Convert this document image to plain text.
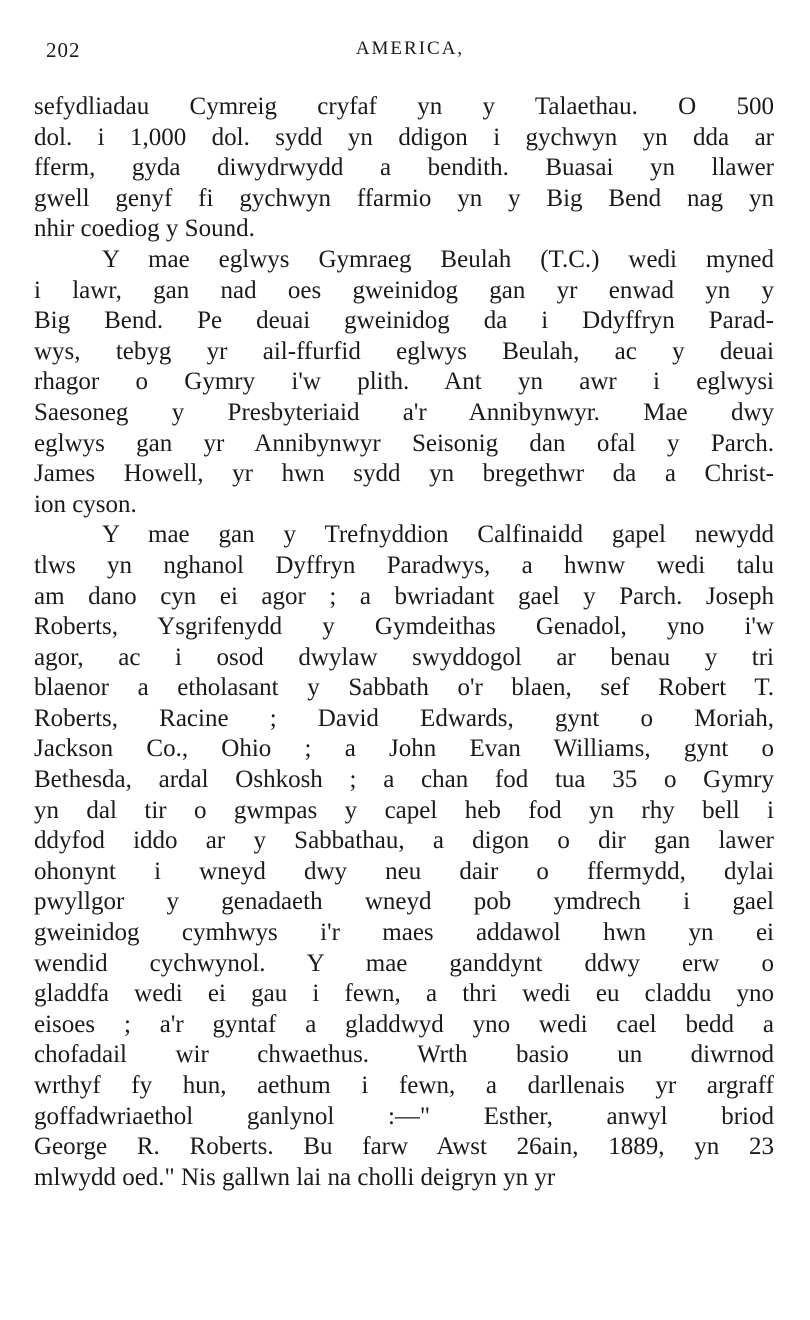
202	AMERICA,
sefydliadau Cymreig cryfaf yn y Talaethau. O 500
dol. i 1,000 dol. sydd yn ddigon i gychwyn yn dda ar
fferm, gyda diwydrwydd a bendith. Buasai yn llawer
gwell genyf fi gychwyn ffarmio yn y Big Bend nag yn
nhir coediog y Sound.
Y mae eglwys Gymraeg Beulah (T.C.) wedi myned
i lawr, gan nad oes gweinidog gan yr enwad yn y
Big Bend. Pe deuai gweinidog da i Ddyffryn Parad-
wys, tebyg yr ail-ffurfid eglwys Beulah, ac y deuai
rhagor o Gymry i'w plith. Ant yn awr i eglwysi
Saesoneg y Presbyteriaid a'r Annibynwyr. Mae dwy
eglwys gan yr Annibynwyr Seisonig dan ofal y Parch.
James Howell, yr hwn sydd yn bregethwr da a Christ-
ion cyson.
Y mae gan y Trefnyddion Calfinaidd gapel newydd
tlws yn nghanol Dyffryn Paradwys, a hwnw wedi talu
am dano cyn ei agor ; a bwriadant gael y Parch. Joseph
Roberts, Ysgrifenydd y Gymdeithas Genadol, yno i'w
agor, ac i osod dwylaw swyddogol ar benau y tri
blaenor a etholasant y Sabbath o'r blaen, sef Robert T.
Roberts, Racine ; David Edwards, gynt o Moriah,
Jackson Co., Ohio ; a John Evan Williams, gynt o
Bethesda, ardal Oshkosh ; a chan fod tua 35 o Gymry
yn dal tir o gwmpas y capel heb fod yn rhy bell i
ddyfod iddo ar y Sabbathau, a digon o dir gan lawer
ohonynt i wneyd dwy neu dair o ffermydd, dylai
pwyllgor y genadaeth wneyd pob ymdrech i gael
gweinidog cymhwys i'r maes addawol hwn yn ei
wendid cychwynol. Y mae ganddynt ddwy erw o
gladdfa wedi ei gau i fewn, a thri wedi eu claddu yno
eisoes ; a'r gyntaf a gladdwyd yno wedi cael bedd a
chofadail wir chwaethus. Wrth basio un diwrnod
wrthyf fy hun, aethum i fewn, a darllenais yr argraff
goffadwriaethol ganlynol :—" Esther, anwyl briod
George R. Roberts. Bu farw Awst 26ain, 1889, yn 23
mlwydd oed." Nis gallwn lai na cholli deigryn yn yr
